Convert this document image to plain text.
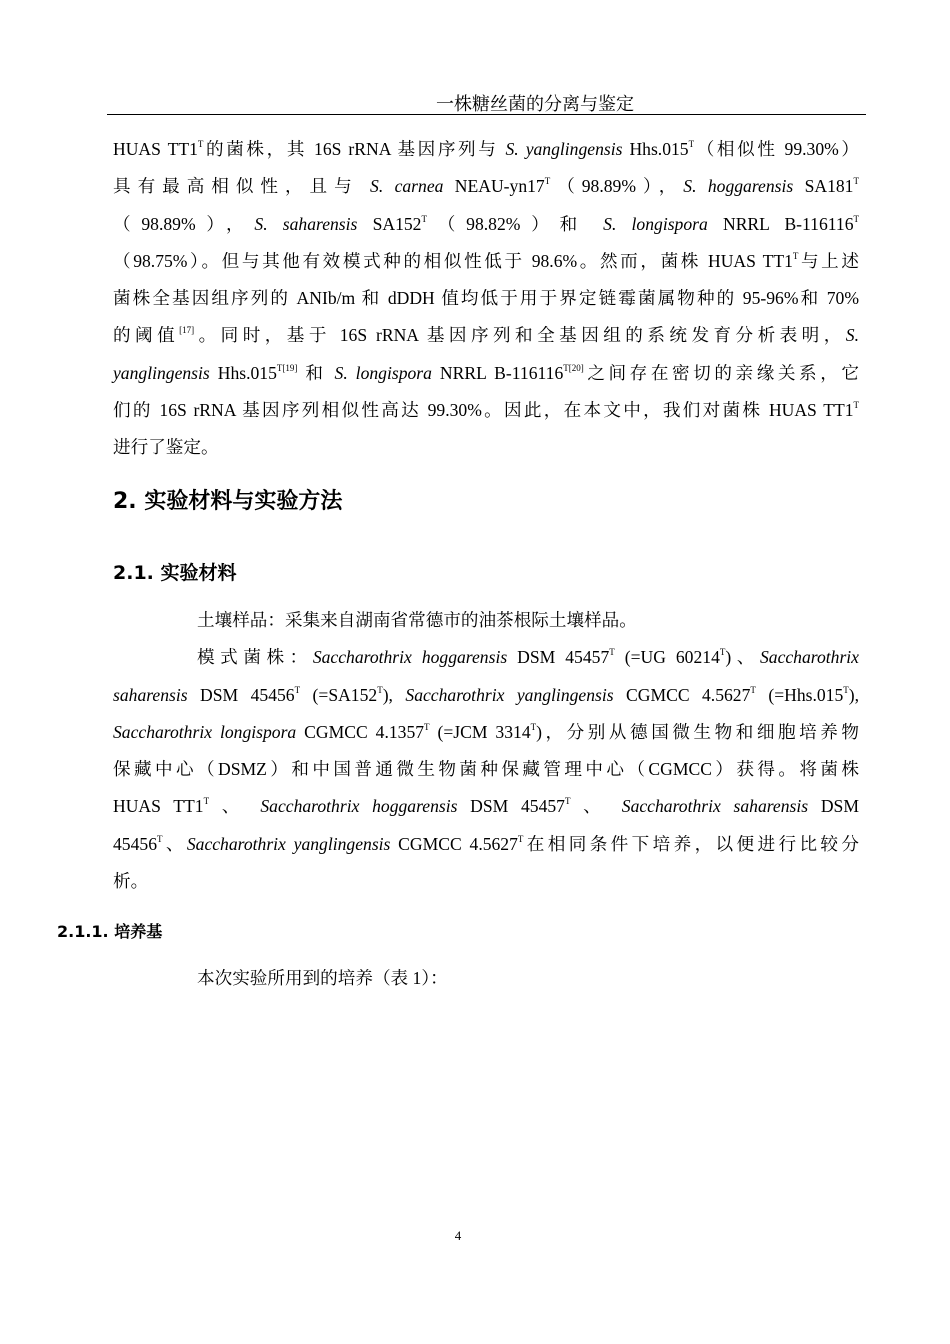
一株糖丝菌的分离与鉴定
HUAS $TT1^T$的菌株，其 16S rRNA 基因序列与 S. yanglingensis $Hhs.015^T$（相似性 99.30%）
具有最高相似性，且与 S. carnea NEAU-$yn17^T(98.89\%)$，S. hoggarensis $SA181^T$
（98.89%），S. saharensis $SA152^T(98.82\%)$和 S. longispora NRRL $B-116116^T$
（98.75%）。但与其他有效模式种的相似性低于 98.6%。然而，菌株 HUAS $TT1^T$与上述
菌株全基因组序列的 ANIb/m 和 dDDH 值均低于用于界定链霉菌属物种的 95-96%和 70%
的阈值[17]。同时，基于 16S rRNA 基因序列和全基因组的系统发育分析表明，S.
yanglingensis $Hhs.015^{T[19]}$ 和 S. longispora NRRL $B-116116^{T[20]}$之间存在密切的亲缘关系，它
们的 16S rRNA 基因序列相似性高达 99.30%。因此，在本文中，我们对菌株 HUAS $TT1^T$
进行了鉴定。
2. 实验材料与实验方法
2.1. 实验材料
土壤样品：采集来自湖南省常德市的油茶根际土壤样品。
模式菌株：Saccharothrix hoggarensis DSM $45457^T$ (=UG $60214^T$)、Saccharothrix
saharensis DSM $45456^T$ $(=SA152^T)$, Saccharothrix yanglingensis CGMCC $4.5627^T$ $(=Hhs.015^T)$,
Saccharothrix longispora CGMCC $4.1357^T$ (=JCM $3314^T$)，分别从德国微生物和细胞培养物
保藏中心（DSMZ）和中国普通微生物菌种保藏管理中心（CGMCC）获得。将菌株
HUAS $TT1^T$ 、 Saccharothrix hoggarensis DSM $45457^T$ 、 Saccharothrix saharensis DSM
$45456^T$、Saccharothrix yanglingensis CGMCC $4.5627^T$在相同条件下培养，以便进行比较分
析。
2.1.1. 培养基
本次实验所用到的培养（表 1）：
4
